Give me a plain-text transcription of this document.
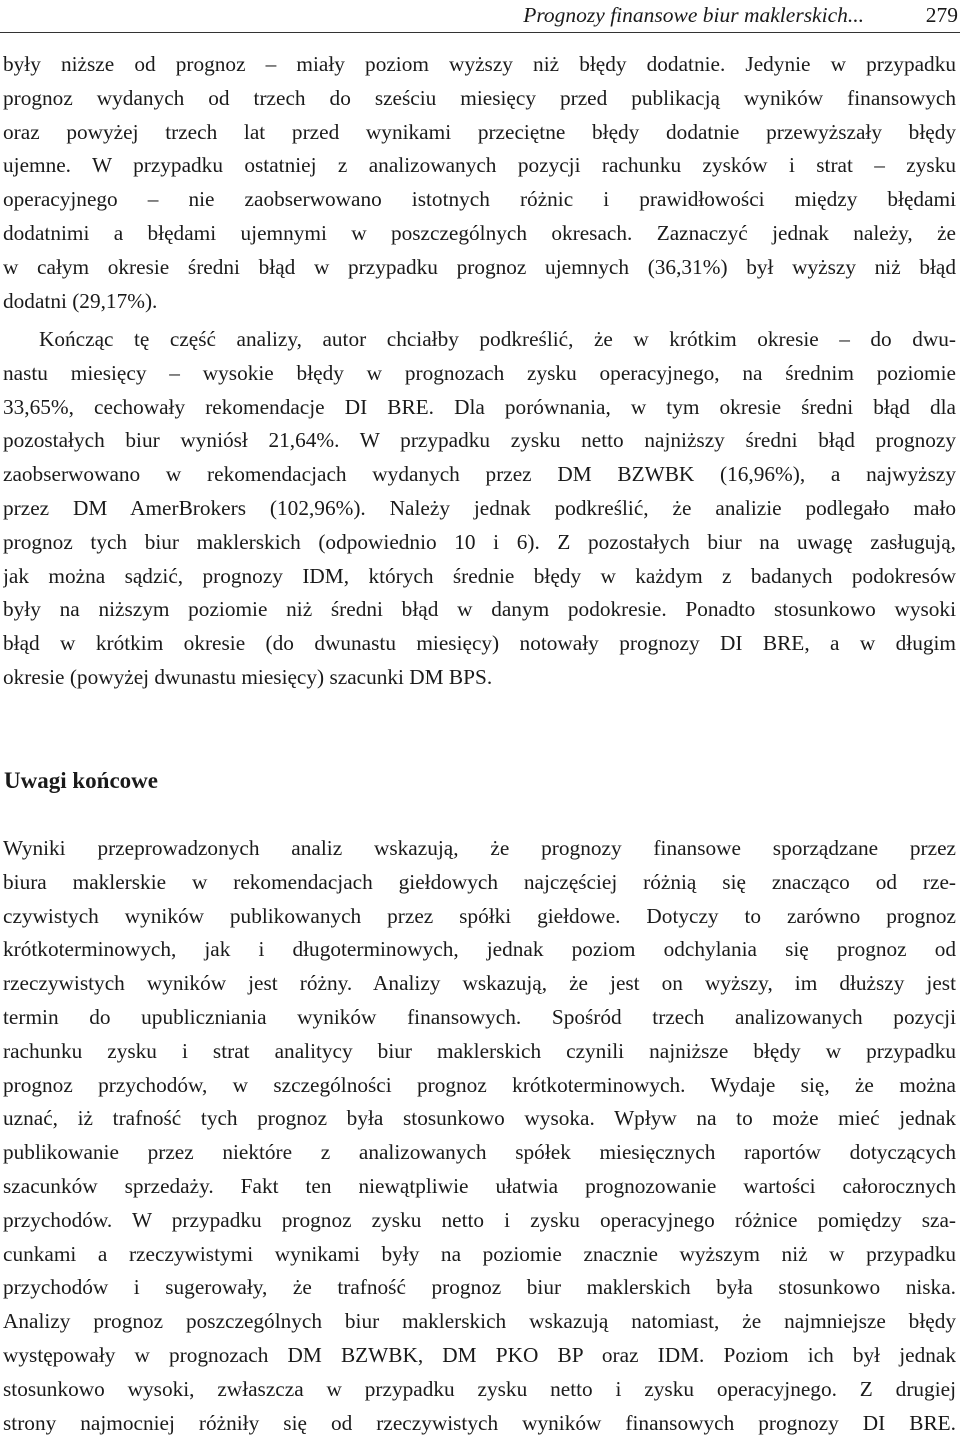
Prognozy finansowe biur maklerskich...	279

były niższe od prognoz – miały poziom wyższy niż błędy dodatnie. Jedynie w przypadku
prognoz wydanych od trzech do sześciu miesięcy przed publikacją wyników finansowych
oraz powyżej trzech lat przed wynikami przeciętne błędy dodatnie przewyższały błędy
ujemne. W przypadku ostatniej z analizowanych pozycji rachunku zysków i strat – zysku
operacyjnego – nie zaobserwowano istotnych różnic i prawidłowości między błędami
dodatnimi a błędami ujemnymi w poszczególnych okresach. Zaznaczyć jednak należy, że
w całym okresie średni błąd w przypadku prognoz ujemnych (36,31%) był wyższy niż błąd
dodatni (29,17%).

Kończąc tę część analizy, autor chciałby podkreślić, że w krótkim okresie – do dwu-
nastu miesięcy – wysokie błędy w prognozach zysku operacyjnego, na średnim poziomie
33,65%, cechowały rekomendacje DI BRE. Dla porównania, w tym okresie średni błąd dla
pozostałych biur wyniósł 21,64%. W przypadku zysku netto najniższy średni błąd prognozy
zaobserwowano w rekomendacjach wydanych przez DM BZWBK (16,96%), a najwyższy
przez DM AmerBrokers (102,96%). Należy jednak podkreślić, że analizie podlegało mało
prognoz tych biur maklerskich (odpowiednio 10 i 6). Z pozostałych biur na uwagę zasługują,
jak można sądzić, prognozy IDM, których średnie błędy w każdym z badanych podokresów
były na niższym poziomie niż średni błąd w danym podokresie. Ponadto stosunkowo wysoki
błąd w krótkim okresie (do dwunastu miesięcy) notowały prognozy DI BRE, a w długim
okresie (powyżej dwunastu miesięcy) szacunki DM BPS.

Uwagi końcowe

Wyniki przeprowadzonych analiz wskazują, że prognozy finansowe sporządzane przez
biura maklerskie w rekomendacjach giełdowych najczęściej różnią się znacząco od rze-
czywistych wyników publikowanych przez spółki giełdowe. Dotyczy to zarówno prognoz
krótkoterminowych, jak i długoterminowych, jednak poziom odchylania się prognoz od
rzeczywistych wyników jest różny. Analizy wskazują, że jest on wyższy, im dłuższy jest
termin do upubliczniania wyników finansowych. Spośród trzech analizowanych pozycji
rachunku zysku i strat analitycy biur maklerskich czynili najniższe błędy w przypadku
prognoz przychodów, w szczególności prognoz krótkoterminowych. Wydaje się, że można
uznać, iż trafność tych prognoz była stosunkowo wysoka. Wpływ na to może mieć jednak
publikowanie przez niektóre z analizowanych spółek miesięcznych raportów dotyczących
szacunków sprzedaży. Fakt ten niewątpliwie ułatwia prognozowanie wartości całorocznych
przychodów. W przypadku prognoz zysku netto i zysku operacyjnego różnice pomiędzy sza-
cunkami a rzeczywistymi wynikami były na poziomie znacznie wyższym niż w przypadku
przychodów i sugerowały, że trafność prognoz biur maklerskich była stosunkowo niska.
Analizy prognoz poszczególnych biur maklerskich wskazują natomiast, że najmniejsze błędy
występowały w prognozach DM BZWBK, DM PKO BP oraz IDM. Poziom ich był jednak
stosunkowo wysoki, zwłaszcza w przypadku zysku netto i zysku operacyjnego. Z drugiej
strony najmocniej różniły się od rzeczywistych wyników finansowych prognozy DI BRE.
